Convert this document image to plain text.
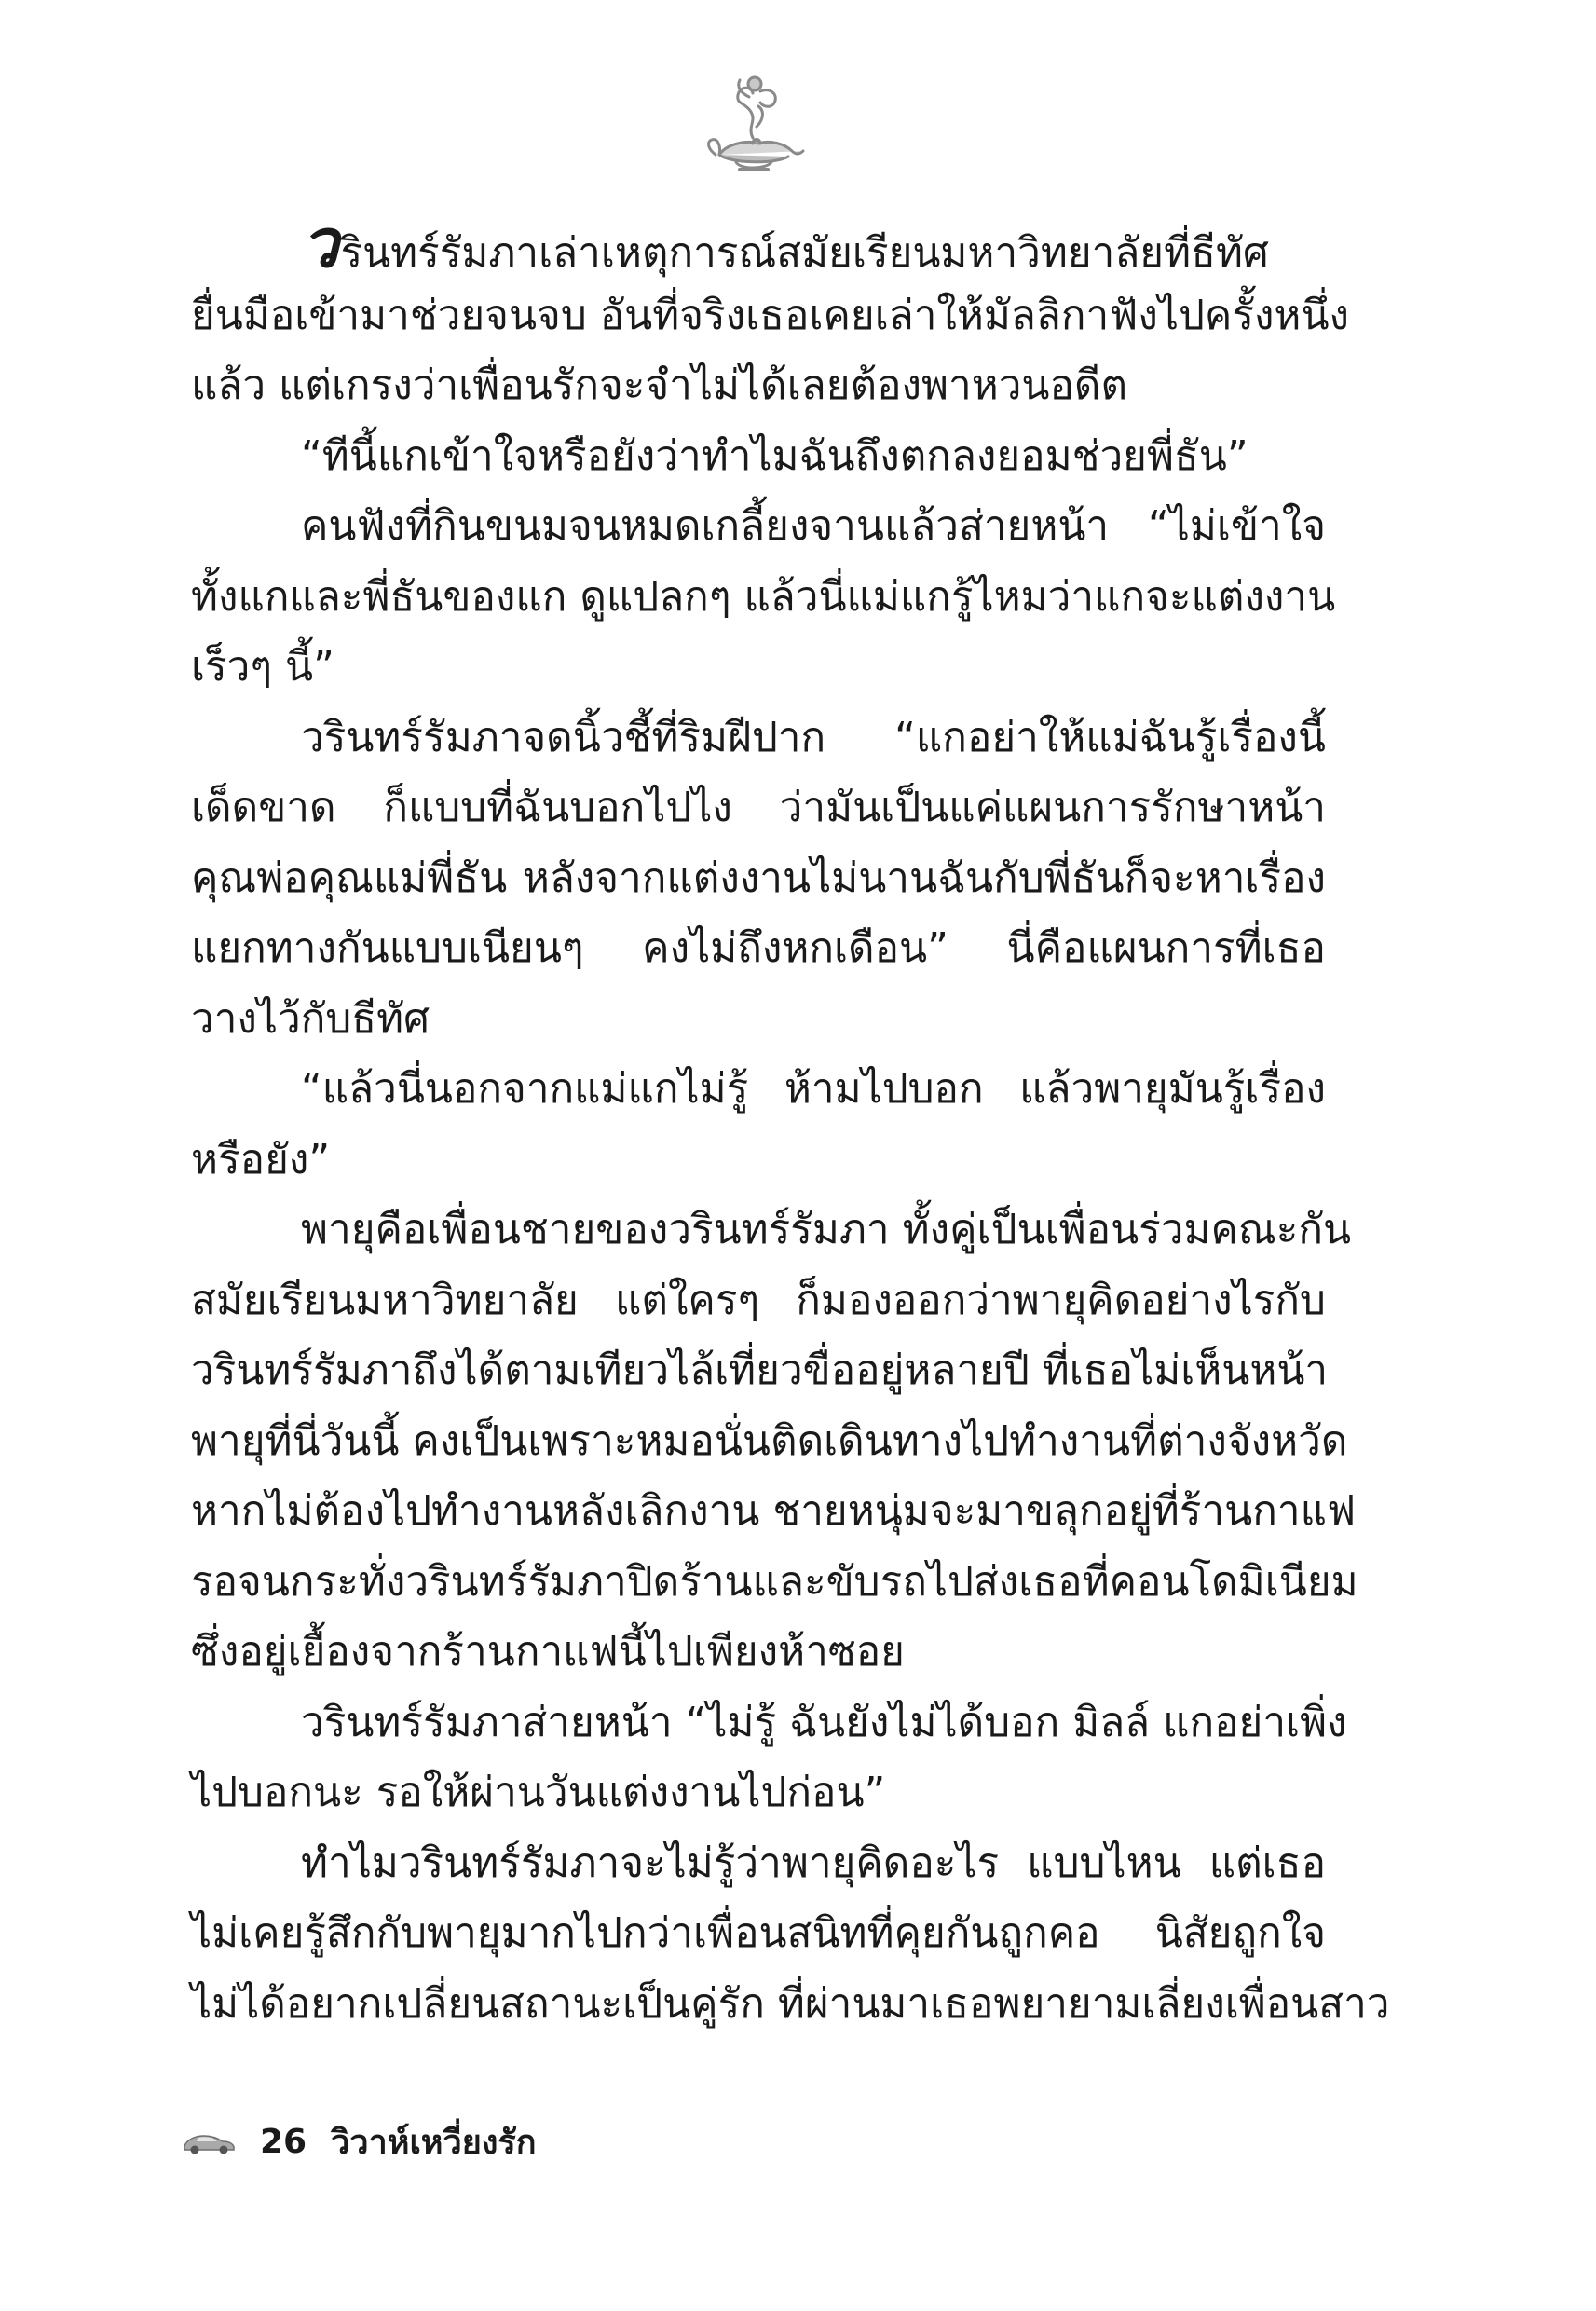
วรินทร์รัมภาเล่าเหตุการณ์สมัยเรียนมหาวิทยาลัยที่ธีทัศ
ยื่นมือเข้ามาช่วยจนจบ อันที่จริงเธอเคยเล่าให้มัลลิกาฟังไปครั้งหนึ่ง
แล้ว แต่เกรงว่าเพื่อนรักจะจำไม่ได้เลยต้องพาหวนอดีต
“ทีนี้แกเข้าใจหรือยังว่าทำไมฉันถึงตกลงยอมช่วยพี่ธัน”
คนฟังที่กินขนมจนหมดเกลี้ยงจานแล้วส่ายหน้า “ไม่เข้าใจ
ทั้งแกและพี่ธันของแก ดูแปลกๆ แล้วนี่แม่แกรู้ไหมว่าแกจะแต่งงาน
เร็วๆ นี้”
วรินทร์รัมภาจดนิ้วชี้ที่ริมฝีปาก “แกอย่าให้แม่ฉันรู้เรื่องนี้
เด็ดขาด ก็แบบที่ฉันบอกไปไง ว่ามันเป็นแค่แผนการรักษาหน้า
คุณพ่อคุณแม่พี่ธัน หลังจากแต่งงานไม่นานฉันกับพี่ธันก็จะหาเรื่อง
แยกทางกันแบบเนียนๆ คงไม่ถึงหกเดือน” นี่คือแผนการที่เธอ
วางไว้กับธีทัศ
“แล้วนี่นอกจากแม่แกไม่รู้ ห้ามไปบอก แล้วพายุมันรู้เรื่อง
หรือยัง”
พายุคือเพื่อนชายของวรินทร์รัมภา ทั้งคู่เป็นเพื่อนร่วมคณะกัน
สมัยเรียนมหาวิทยาลัย แต่ใครๆ ก็มองออกว่าพายุคิดอย่างไรกับ
วรินทร์รัมภาถึงได้ตามเทียวไล้เที่ยวขื่ออยู่หลายปี ที่เธอไม่เห็นหน้า
พายุที่นี่วันนี้ คงเป็นเพราะหมอนั่นติดเดินทางไปทำงานที่ต่างจังหวัด
หากไม่ต้องไปทำงานหลังเลิกงาน ชายหนุ่มจะมาขลุกอยู่ที่ร้านกาแฟ
รอจนกระทั่งวรินทร์รัมภาปิดร้านและขับรถไปส่งเธอที่คอนโดมิเนียม
ซึ่งอยู่เยื้องจากร้านกาแฟนี้ไปเพียงห้าซอย
วรินทร์รัมภาส่ายหน้า “ไม่รู้ ฉันยังไม่ได้บอก มิลล์ แกอย่าเพิ่ง
ไปบอกนะ รอให้ผ่านวันแต่งงานไปก่อน”
ทำไมวรินทร์รัมภาจะไม่รู้ว่าพายุคิดอะไร แบบไหน แต่เธอ
ไม่เคยรู้สึกกับพายุมากไปกว่าเพื่อนสนิทที่คุยกันถูกคอ นิสัยถูกใจ
ไม่ได้อยากเปลี่ยนสถานะเป็นคู่รัก ที่ผ่านมาเธอพยายามเลี่ยงเพื่อนสาว
26 วิวาห์เหวี่ยงรัก
